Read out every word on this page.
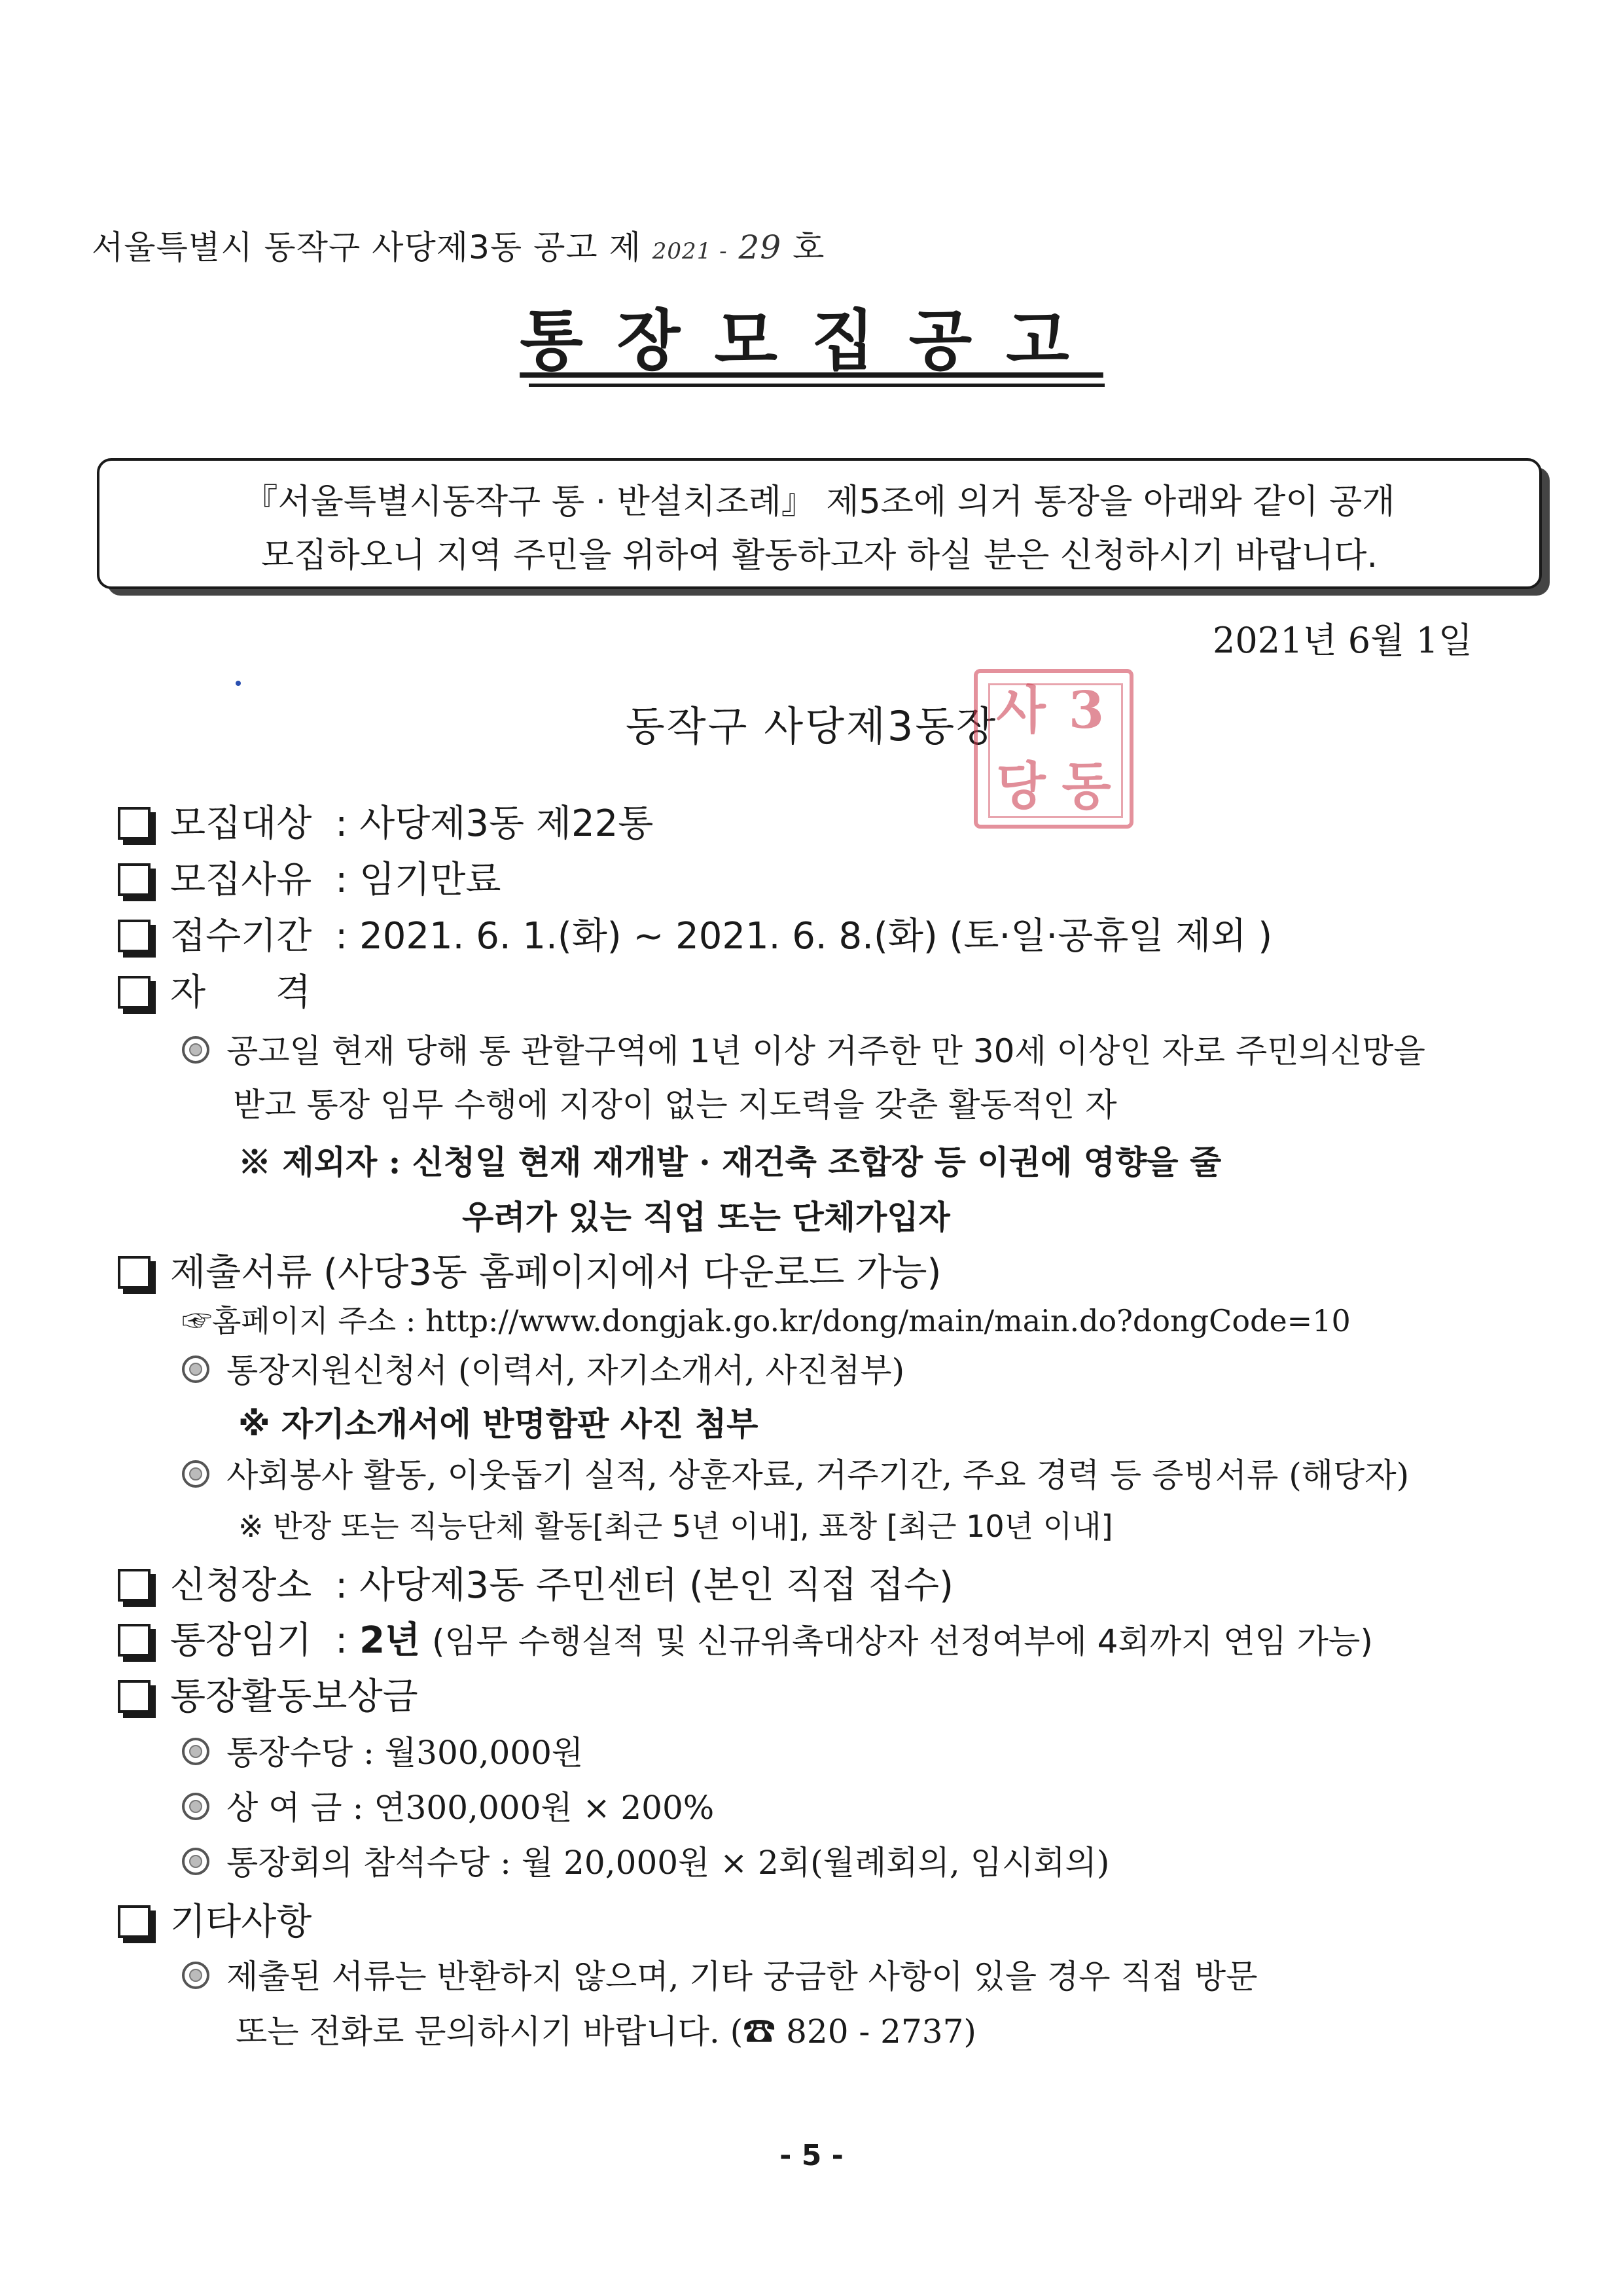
서울특별시 동작구 사당제3동 공고 제 2021 - 29 호
통장모집공고
『서울특별시동작구 통 · 반설치조례』 제5조에 의거 통장을 아래와 같이 공개
모집하오니 지역 주민을 위하여 활동하고자 하실 분은 신청하시기 바랍니다.
2021년 6월 1일
동작구 사당제3동장
사 3
당 동
모집대상 : 사당제3동 제22통
모집사유 : 임기만료
접수기간 : 2021. 6. 1.(화) ~ 2021. 6. 8.(화) (토·일·공휴일 제외 )
자      격
공고일 현재 당해 통 관할구역에 1년 이상 거주한 만 30세 이상인 자로 주민의신망을
받고 통장 임무 수행에 지장이 없는 지도력을 갖춘 활동적인 자
※ 제외자 : 신청일 현재 재개발 · 재건축 조합장 등 이권에 영향을 줄
우려가 있는 직업 또는 단체가입자
제출서류 (사당3동 홈페이지에서 다운로드 가능)
☞홈페이지 주소 : http://www.dongjak.go.kr/dong/main/main.do?dongCode=10
통장지원신청서 (이력서, 자기소개서, 사진첨부)
※ 자기소개서에 반명함판 사진 첨부
사회봉사 활동, 이웃돕기 실적, 상훈자료, 거주기간, 주요 경력 등 증빙서류 (해당자)
※ 반장 또는 직능단체 활동[최근 5년 이내], 표창 [최근 10년 이내]
신청장소 : 사당제3동 주민센터 (본인 직접 접수)
통장임기 : 2년 (임무 수행실적 및 신규위촉대상자 선정여부에 4회까지 연임 가능)
통장활동보상금
통장수당 : 월300,000원
상 여 금 : 연300,000원 × 200%
통장회의 참석수당 : 월 20,000원 × 2회(월례회의, 임시회의)
기타사항
제출된 서류는 반환하지 않으며, 기타 궁금한 사항이 있을 경우 직접 방문
또는 전화로 문의하시기 바랍니다. (☎ 820 - 2737)
- 5 -
